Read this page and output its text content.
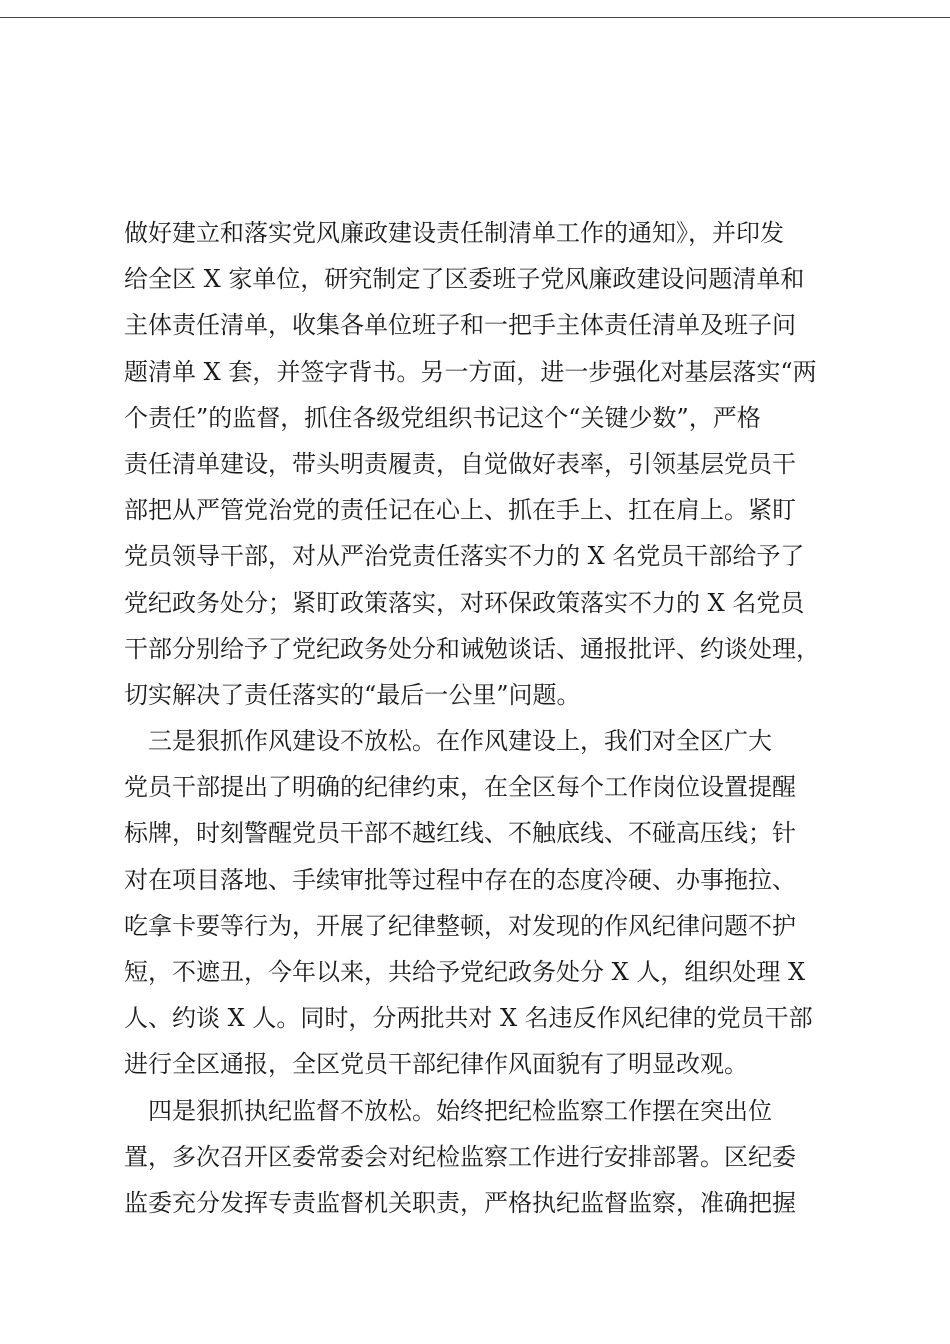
做好建立和落实党风廉政建设责任制清单工作的通知》，并印发
给全区 X 家单位，研究制定了区委班子党风廉政建设问题清单和
主体责任清单，收集各单位班子和一把手主体责任清单及班子问
题清单 X 套，并签字背书。另一方面，进一步强化对基层落实“两
个责任”的监督，抓住各级党组织书记这个“关键少数”，严格
责任清单建设，带头明责履责，自觉做好表率，引领基层党员干
部把从严管党治党的责任记在心上、抓在手上、扛在肩上。紧盯
党员领导干部，对从严治党责任落实不力的 X 名党员干部给予了
党纪政务处分；紧盯政策落实，对环保政策落实不力的 X 名党员
干部分别给予了党纪政务处分和诫勉谈话、通报批评、约谈处理，
切实解决了责任落实的“最后一公里”问题。
　三是狠抓作风建设不放松。在作风建设上，我们对全区广大
党员干部提出了明确的纪律约束，在全区每个工作岗位设置提醒
标牌，时刻警醒党员干部不越红线、不触底线、不碰高压线；针
对在项目落地、手续审批等过程中存在的态度冷硬、办事拖拉、
吃拿卡要等行为，开展了纪律整顿，对发现的作风纪律问题不护
短，不遮丑，今年以来，共给予党纪政务处分 X 人，组织处理 X
人、约谈 X 人。同时，分两批共对 X 名违反作风纪律的党员干部
进行全区通报，全区党员干部纪律作风面貌有了明显改观。
　四是狠抓执纪监督不放松。始终把纪检监察工作摆在突出位
置，多次召开区委常委会对纪检监察工作进行安排部署。区纪委
监委充分发挥专责监督机关职责，严格执纪监督监察，准确把握
